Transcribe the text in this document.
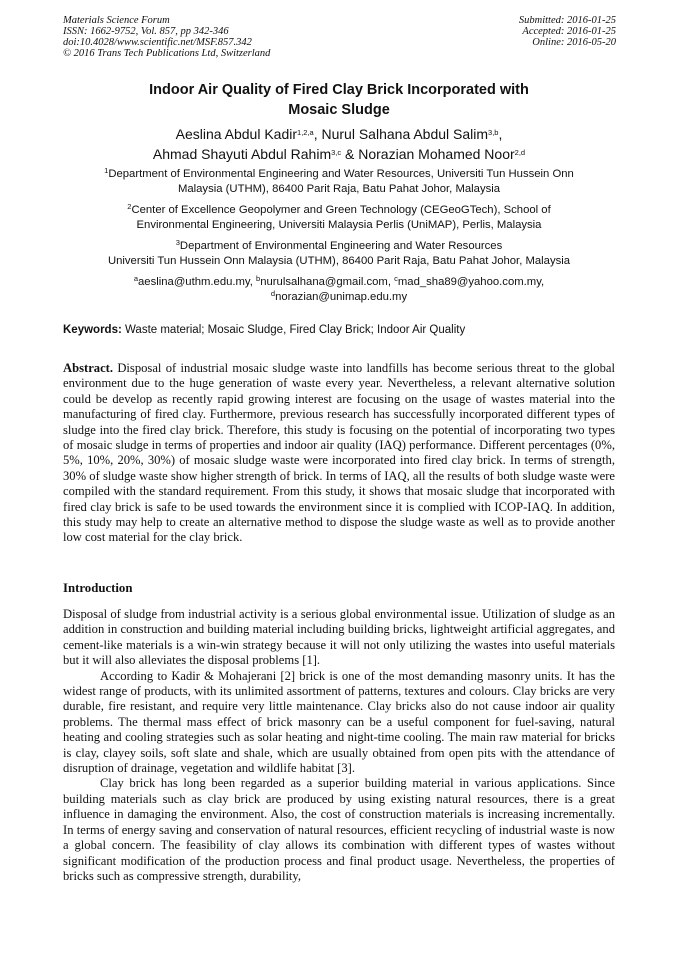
Materials Science Forum
ISSN: 1662-9752, Vol. 857, pp 342-346
doi:10.4028/www.scientific.net/MSF.857.342
© 2016 Trans Tech Publications Ltd, Switzerland
Submitted: 2016-01-25
Accepted: 2016-01-25
Online: 2016-05-20
Indoor Air Quality of Fired Clay Brick Incorporated with
Mosaic Sludge
Aeslina Abdul Kadir$^{1,2,a}$, Nurul Salhana Abdul Salim$^{3,b}$,
Ahmad Shayuti Abdul Rahim$^{3,c}$ & Norazian Mohamed Noor$^{2,d}$
$^1$Department of Environmental Engineering and Water Resources, Universiti Tun Hussein Onn
Malaysia (UTHM), 86400 Parit Raja, Batu Pahat Johor, Malaysia
$^2$Center of Excellence Geopolymer and Green Technology (CEGeoGTech), School of
Environmental Engineering, Universiti Malaysia Perlis (UniMAP), Perlis, Malaysia
$^3$Department of Environmental Engineering and Water Resources
Universiti Tun Hussein Onn Malaysia (UTHM), 86400 Parit Raja, Batu Pahat Johor, Malaysia
$^a$aeslina@uthm.edu.my, $^b$nurulsalhana@gmail.com, $^c$mad_sha89@yahoo.com.my,
$^d$norazian@unimap.edu.my
Keywords: Waste material; Mosaic Sludge, Fired Clay Brick; Indoor Air Quality
Abstract. Disposal of industrial mosaic sludge waste into landfills has become serious threat to the global environment due to the huge generation of waste every year. Nevertheless, a relevant alternative solution could be develop as recently rapid growing interest are focusing on the usage of wastes material into the manufacturing of fired clay. Furthermore, previous research has successfully incorporated different types of sludge into the fired clay brick. Therefore, this study is focusing on the potential of incorporating two types of mosaic sludge in terms of properties and indoor air quality (IAQ) performance. Different percentages (0%, 5%, 10%, 20%, 30%) of mosaic sludge waste were incorporated into fired clay brick. In terms of strength, 30% of sludge waste show higher strength of brick. In terms of IAQ, all the results of both sludge waste were compiled with the standard requirement. From this study, it shows that mosaic sludge that incorporated with fired clay brick is safe to be used towards the environment since it is complied with ICOP-IAQ. In addition, this study may help to create an alternative method to dispose the sludge waste as well as to provide another low cost material for the clay brick.
Introduction

Disposal of sludge from industrial activity is a serious global environmental issue. Utilization of sludge as an addition in construction and building material including building bricks, lightweight artificial aggregates, and cement-like materials is a win-win strategy because it will not only utilizing the wastes into useful materials but it will also alleviates the disposal problems [1].

According to Kadir & Mohajerani [2] brick is one of the most demanding masonry units. It has the widest range of products, with its unlimited assortment of patterns, textures and colours. Clay bricks are very durable, fire resistant, and require very little maintenance. Clay bricks also do not cause indoor air quality problems. The thermal mass effect of brick masonry can be a useful component for fuel-saving, natural heating and cooling strategies such as solar heating and night-time cooling. The main raw material for bricks is clay, clayey soils, soft slate and shale, which are usually obtained from open pits with the attendance of disruption of drainage, vegetation and wildlife habitat [3].

Clay brick has long been regarded as a superior building material in various applications. Since building materials such as clay brick are produced by using existing natural resources, there is a great influence in damaging the environment. Also, the cost of construction materials is increasing incrementally. In terms of energy saving and conservation of natural resources, efficient recycling of industrial waste is now a global concern. The feasibility of clay allows its combination with different types of wastes without significant modification of the production process and final product usage. Nevertheless, the properties of bricks such as compressive strength, durability,
